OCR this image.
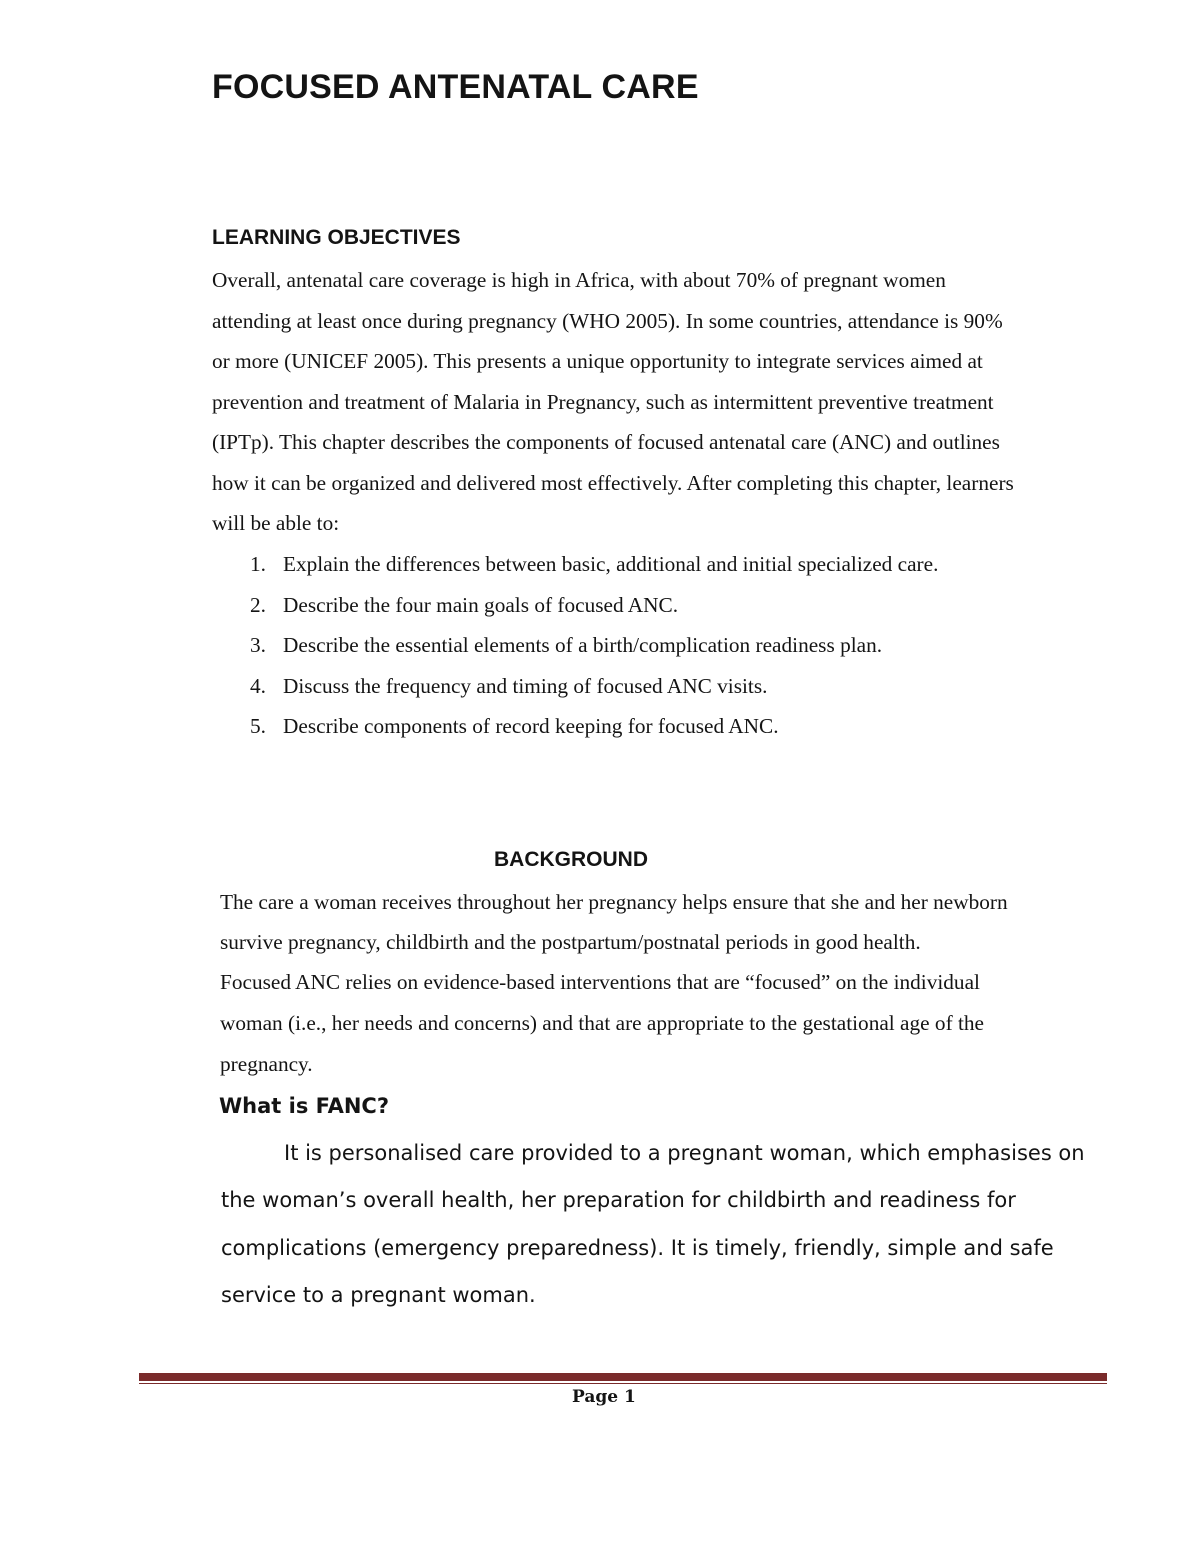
FOCUSED ANTENATAL CARE
LEARNING OBJECTIVES

Overall, antenatal care coverage is high in Africa, with about 70% of pregnant women

attending at least once during pregnancy (WHO 2005). In some countries, attendance is 90%

or more (UNICEF 2005). This presents a unique opportunity to integrate services aimed at

prevention and treatment of Malaria in Pregnancy, such as intermittent preventive treatment

(IPTp). This chapter describes the components of focused antenatal care (ANC) and outlines

how it can be organized and delivered most effectively. After completing this chapter, learners

will be able to:

1. Explain the differences between basic, additional and initial specialized care.
2. Describe the four main goals of focused ANC.
3. Describe the essential elements of a birth/complication readiness plan.
4. Discuss the frequency and timing of focused ANC visits.
5. Describe components of record keeping for focused ANC.
BACKGROUND

The care a woman receives throughout her pregnancy helps ensure that she and her newborn

survive pregnancy, childbirth and the postpartum/postnatal periods in good health.

Focused ANC relies on evidence-based interventions that are “focused” on the individual

woman (i.e., her needs and concerns) and that are appropriate to the gestational age of the

pregnancy.

What is FANC?

It is personalised care provided to a pregnant woman, which emphasises on

the woman’s overall health, her preparation for childbirth and readiness for

complications (emergency preparedness). It is timely, friendly, simple and safe

service to a pregnant woman.

Page 1
